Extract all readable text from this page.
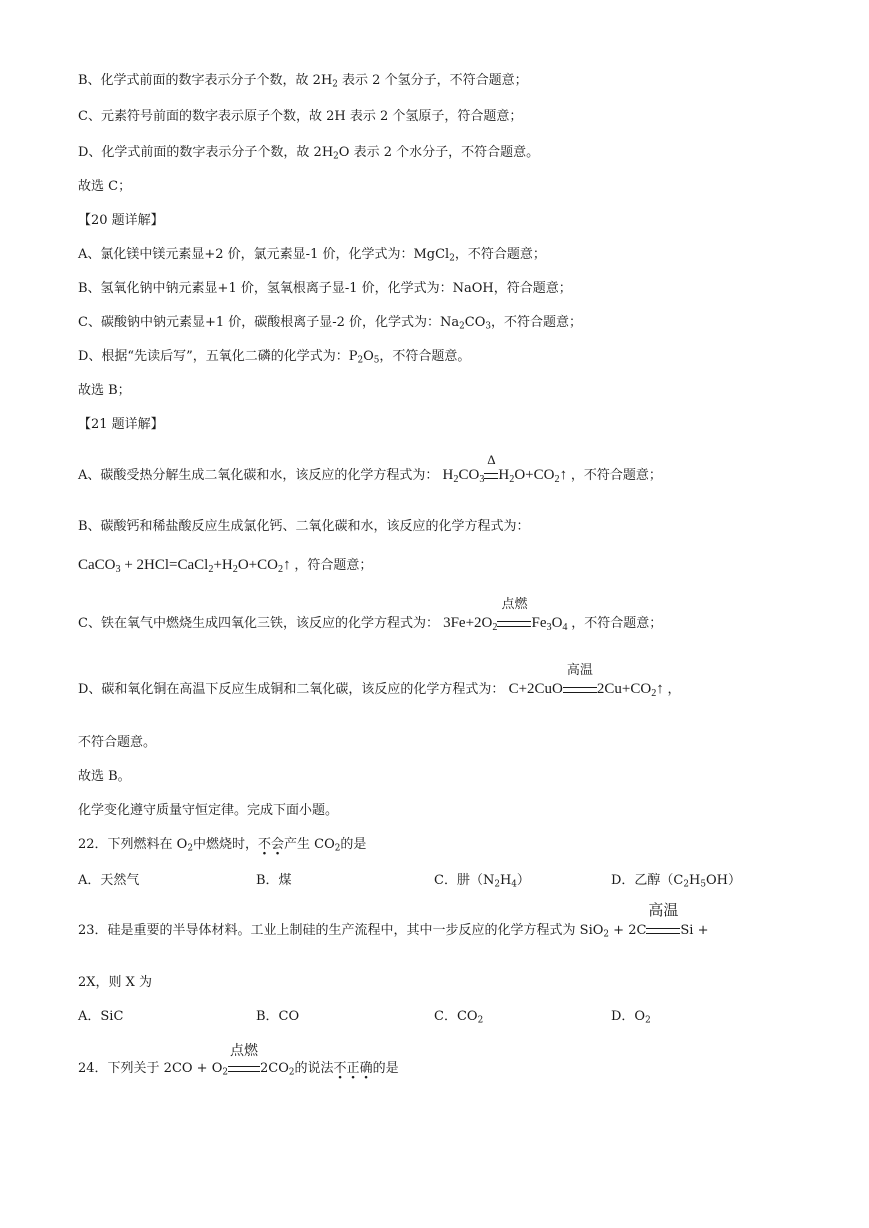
B、化学式前面的数字表示分子个数，故 $2H_2$ 表示 2 个氢分子，不符合题意；
C、元素符号前面的数字表示原子个数，故 2H 表示 2 个氢原子，符合题意；
D、化学式前面的数字表示分子个数，故 $2H_2O$ 表示 2 个水分子，不符合题意。
故选 C；
【20 题详解】
A、氯化镁中镁元素显+2 价，氯元素显-1 价，化学式为：MgCl$_2$，不符合题意；
B、氢氧化钠中钠元素显+1 价，氢氧根离子显-1 价，化学式为：NaOH，符合题意；
C、碳酸钠中钠元素显+1 价，碳酸根离子显-2 价，化学式为：$Na_2CO_3$，不符合题意；
D、根据“先读后写”，五氧化二磷的化学式为：$P_2O_5$，不符合题意。
故选 B；
【21 题详解】
A、碳酸受热分解生成二氧化碳和水，该反应的化学方程式为： $H_2CO_3$
Δ
$H_2O+CO_2↑$ ，不符合题意；
B、碳酸钙和稀盐酸反应生成氯化钙、二氧化碳和水，该反应的化学方程式为：
CaCO$_3$ + $2HCl=CaCl_2+H_2O+CO_2↑$ ，符合题意；
C、铁在氧气中燃烧生成四氧化三铁，该反应的化学方程式为： $3Fe+2O_2$
点燃
$Fe_3O_4$ ，不符合题意；
D、碳和氧化铜在高温下反应生成铜和二氧化碳，该反应的化学方程式为： C+2CuO
高温
$2Cu+CO_2↑$ ，
不符合题意。
故选 B。
化学变化遵守质量守恒定律。完成下面小题。
22．下列燃料在 $O_2$中燃烧时，不会产生 $CO_2$的是
A．天然气	B．煤	C．肼$(N_2H_4)$	D．乙醇$(C_2H_5OH)$
23．硅是重要的半导体材料。工业上制硅的生产流程中，其中一步反应的化学方程式为 SiO$_2$ + 2C
高温
Si +
2X，则 X 为
A．SiC	B．CO	C．$CO_2$	D．$O_2$
24．下列关于 $2CO + O_2$
点燃
$2CO_2$的说法不正确的是
